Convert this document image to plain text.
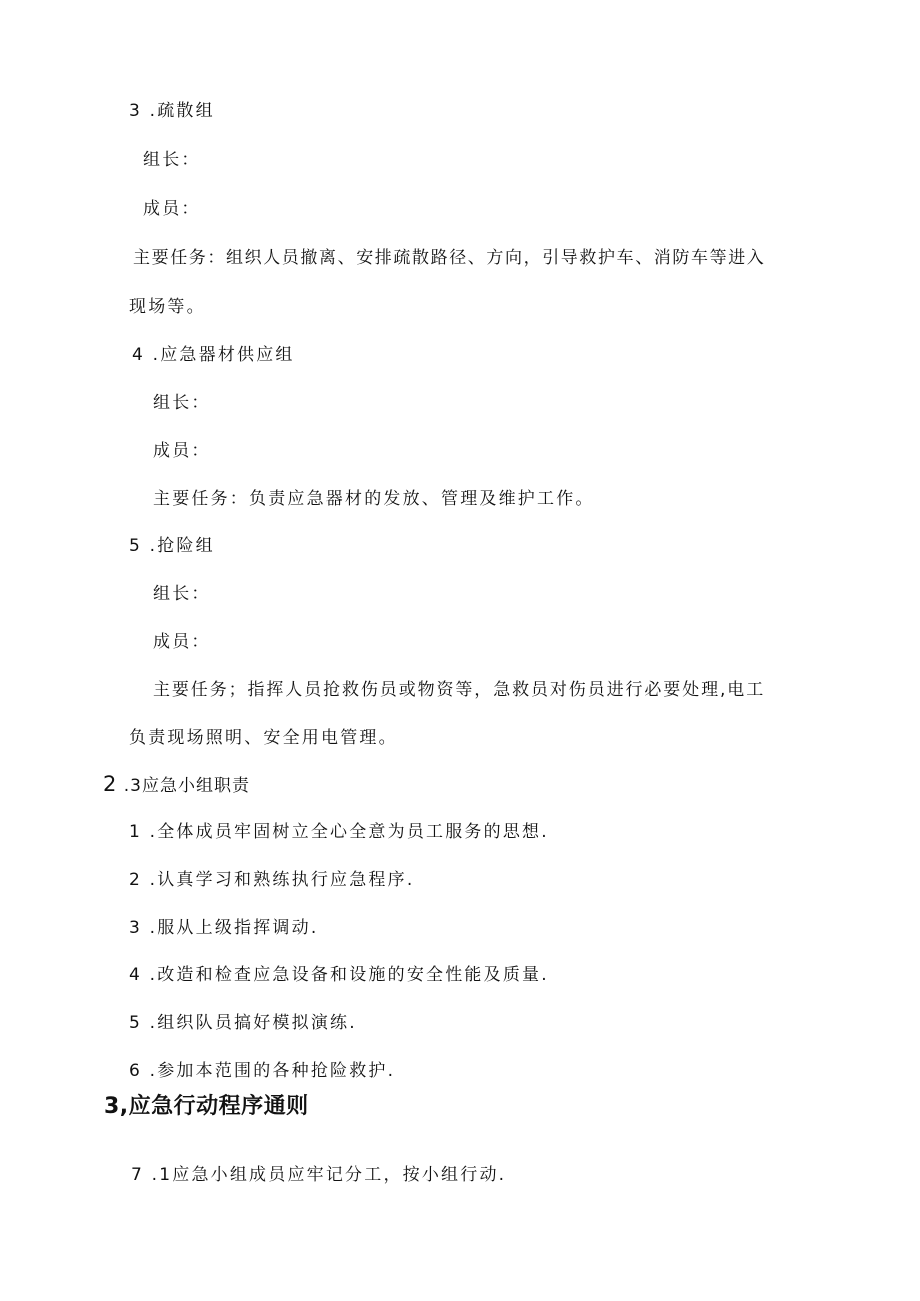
3 .疏散组
组长：
成员：
主要任务：组织人员撤离、安排疏散路径、方向，引导救护车、消防车等进入
现场等。
4 .应急器材供应组
组长：
成员：
主要任务：负责应急器材的发放、管理及维护工作。
5 .抢险组
组长：
成员：
主要任务；指挥人员抢救伤员或物资等，急救员对伤员进行必要处理,电工
负责现场照明、安全用电管理。
2 .3应急小组职责
1 .全体成员牢固树立全心全意为员工服务的思想.
2 .认真学习和熟练执行应急程序.
3 .服从上级指挥调动.
4 .改造和检查应急设备和设施的安全性能及质量.
5 .组织队员搞好模拟演练.
6 .参加本范围的各种抢险救护.
3,应急行动程序通则
7 .1应急小组成员应牢记分工，按小组行动.
